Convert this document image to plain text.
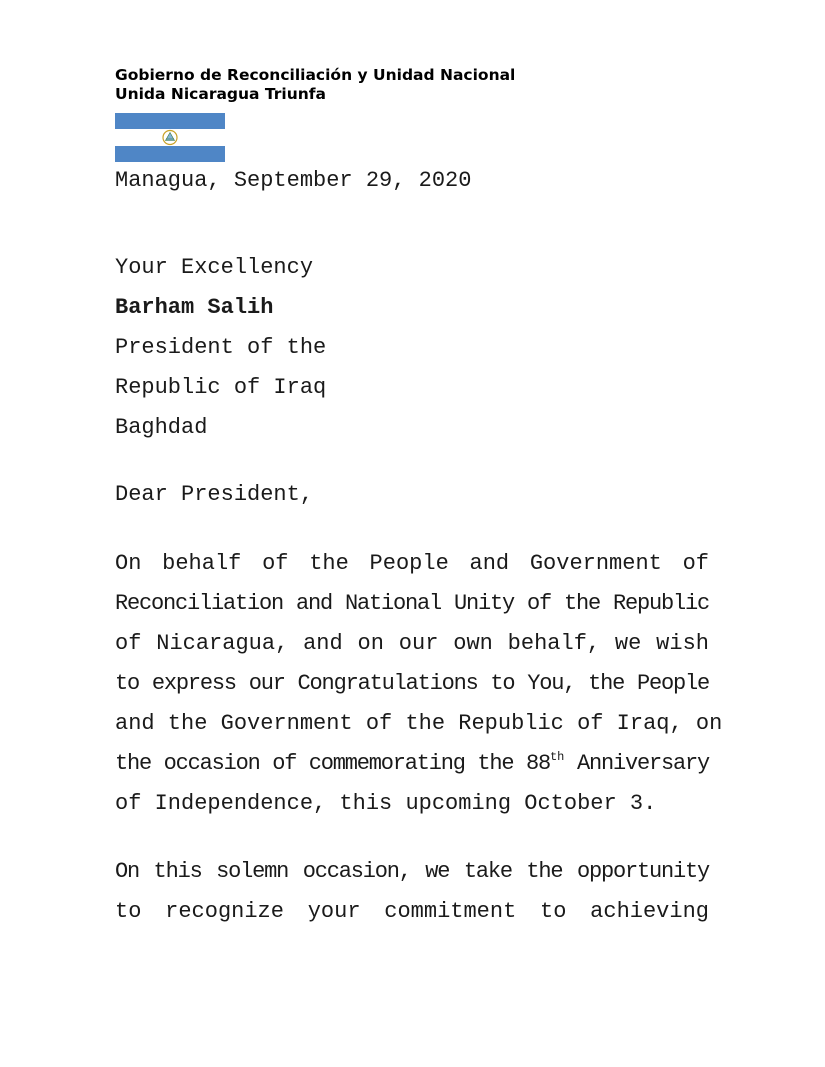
Gobierno de Reconciliación y Unidad Nacional
Unida Nicaragua Triunfa
Managua, September 29, 2020
Your Excellency
Barham Salih
President of the
Republic of Iraq
Baghdad
Dear President,
On behalf of the People and Government of
Reconciliation and National Unity of the Republic
of Nicaragua, and on our own behalf, we wish
to express our Congratulations to You, the People
and the Government of the Republic of Iraq, on
the occasion of commemorating the 88th Anniversary
of Independence, this upcoming October 3.
On this solemn occasion, we take the opportunity
to recognize your commitment to achieving
